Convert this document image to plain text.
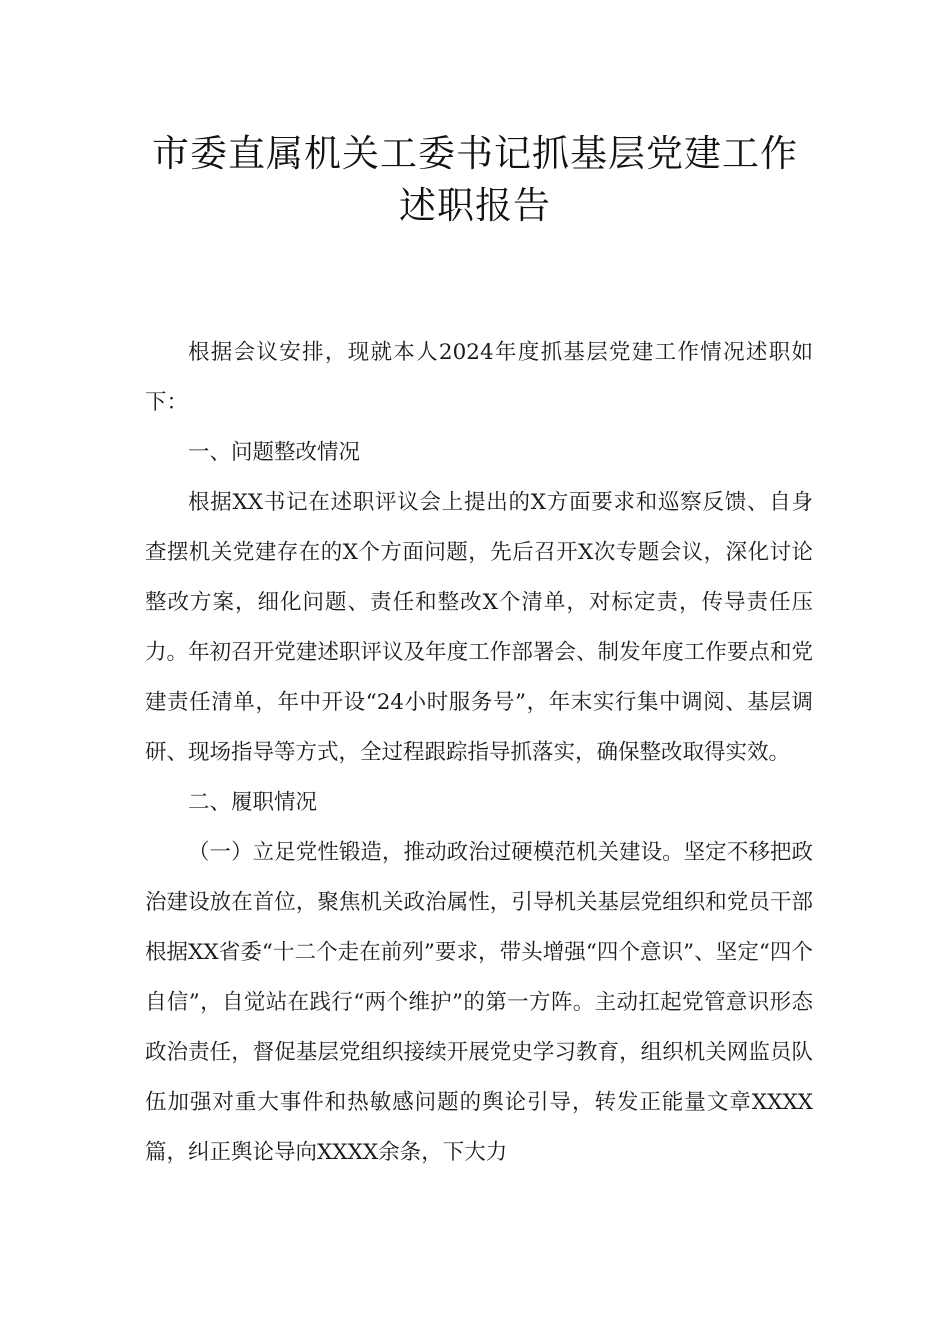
市委直属机关工委书记抓基层党建工作

述职报告

根据会议安排，现就本人2024年度抓基层党建工作情况述职如下：

一、问题整改情况

根据XX书记在述职评议会上提出的X方面要求和巡察反馈、自身查摆机关党建存在的X个方面问题，先后召开X次专题会议，深化讨论整改方案，细化问题、责任和整改X个清单，对标定责，传导责任压力。年初召开党建述职评议及年度工作部署会、制发年度工作要点和党建责任清单，年中开设“24小时服务号”，年末实行集中调阅、基层调研、现场指导等方式，全过程跟踪指导抓落实，确保整改取得实效。

二、履职情况

（一）立足党性锻造，推动政治过硬模范机关建设。坚定不移把政治建设放在首位，聚焦机关政治属性，引导机关基层党组织和党员干部根据XX省委“十二个走在前列”要求，带头增强“四个意识”、坚定“四个自信”，自觉站在践行“两个维护”的第一方阵。主动扛起党管意识形态政治责任，督促基层党组织接续开展党史学习教育，组织机关网监员队伍加强对重大事件和热敏感问题的舆论引导，转发正能量文章XXXX篇，纠正舆论导向XXXX余条，下大力
